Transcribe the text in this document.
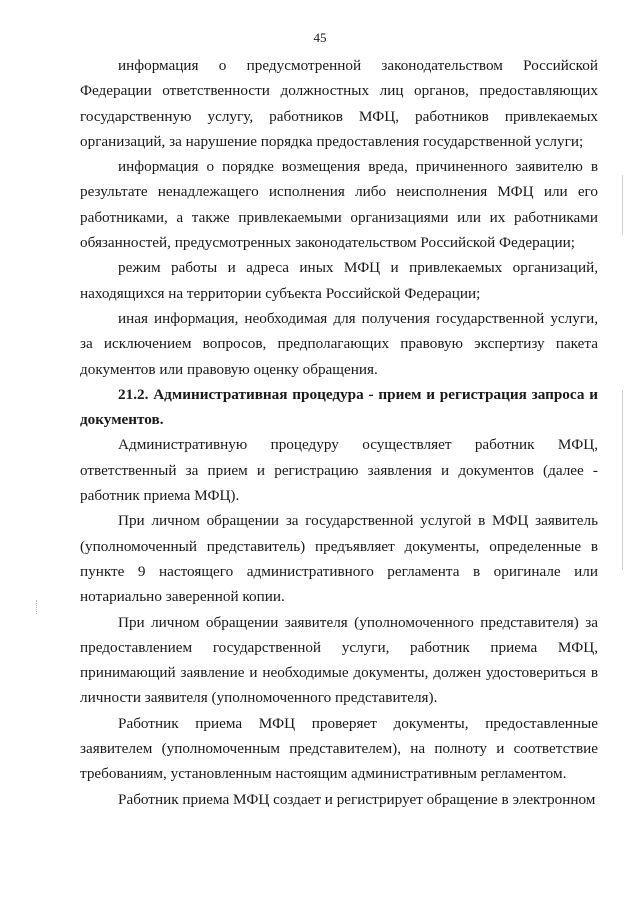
45

информация о предусмотренной законодательством Российской Федерации ответственности должностных лиц органов, предоставляющих государственную услугу, работников МФЦ, работников привлекаемых организаций, за нарушение порядка предоставления государственной услуги;

информация о порядке возмещения вреда, причиненного заявителю в результате ненадлежащего исполнения либо неисполнения МФЦ или его работниками, а также привлекаемыми организациями или их работниками обязанностей, предусмотренных законодательством Российской Федерации;

режим работы и адреса иных МФЦ и привлекаемых организаций, находящихся на территории субъекта Российской Федерации;

иная информация, необходимая для получения государственной услуги, за исключением вопросов, предполагающих правовую экспертизу пакета документов или правовую оценку обращения.

21.2. Административная процедура - прием и регистрация запроса и документов.

Административную процедуру осуществляет работник МФЦ, ответственный за прием и регистрацию заявления и документов (далее - работник приема МФЦ).

При личном обращении за государственной услугой в МФЦ заявитель (уполномоченный представитель) предъявляет документы, определенные в пункте 9 настоящего административного регламента в оригинале или нотариально заверенной копии.

При личном обращении заявителя (уполномоченного представителя) за предоставлением государственной услуги, работник приема МФЦ, принимающий заявление и необходимые документы, должен удостовериться в личности заявителя (уполномоченного представителя).

Работник приема МФЦ проверяет документы, предоставленные заявителем (уполномоченным представителем), на полноту и соответствие требованиям, установленным настоящим административным регламентом.

Работник приема МФЦ создает и регистрирует обращение в электронном
